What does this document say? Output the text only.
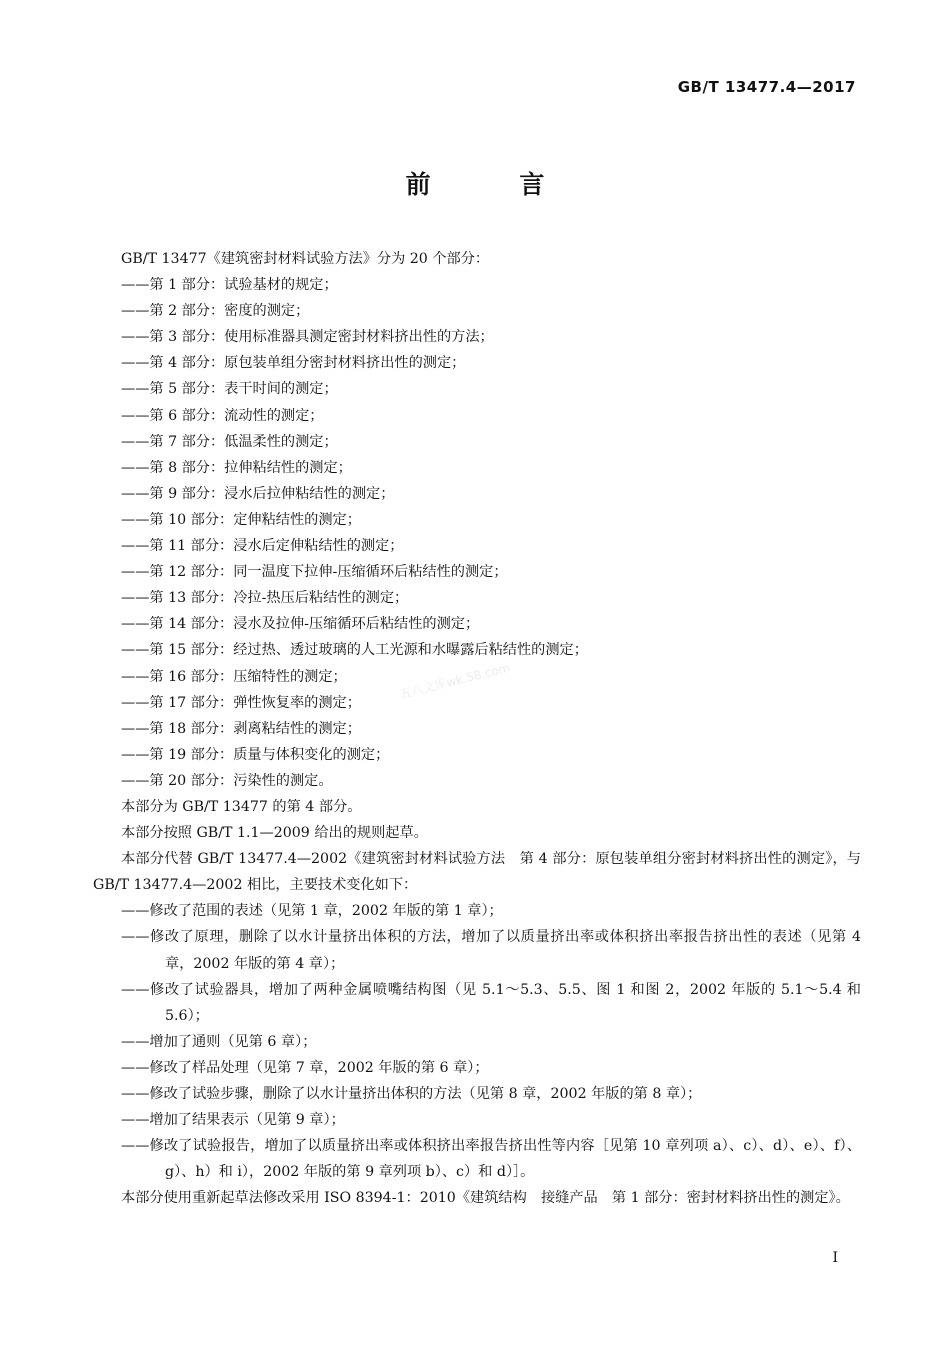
GB/T 13477.4—2017
前 言
五八文库wk.58.com

GB/T 13477《建筑密封材料试验方法》分为 20 个部分：

——第 1 部分：试验基材的规定；

——第 2 部分：密度的测定；

——第 3 部分：使用标准器具测定密封材料挤出性的方法；

——第 4 部分：原包装单组分密封材料挤出性的测定；

——第 5 部分：表干时间的测定；

——第 6 部分：流动性的测定；

——第 7 部分：低温柔性的测定；

——第 8 部分：拉伸粘结性的测定；

——第 9 部分：浸水后拉伸粘结性的测定；

——第 10 部分：定伸粘结性的测定；

——第 11 部分：浸水后定伸粘结性的测定；

——第 12 部分：同一温度下拉伸-压缩循环后粘结性的测定；

——第 13 部分：冷拉-热压后粘结性的测定；

——第 14 部分：浸水及拉伸-压缩循环后粘结性的测定；

——第 15 部分：经过热、透过玻璃的人工光源和水曝露后粘结性的测定；

——第 16 部分：压缩特性的测定；

——第 17 部分：弹性恢复率的测定；

——第 18 部分：剥离粘结性的测定；

——第 19 部分：质量与体积变化的测定；

——第 20 部分：污染性的测定。

本部分为 GB/T 13477 的第 4 部分。

本部分按照 GB/T 1.1—2009 给出的规则起草。

本部分代替 GB/T 13477.4—2002《建筑密封材料试验方法　第 4 部分：原包装单组分密封材料挤出性的测定》，与 GB/T 13477.4—2002 相比，主要技术变化如下：

——修改了范围的表述（见第 1 章，2002 年版的第 1 章）；

——修改了原理，删除了以水计量挤出体积的方法，增加了以质量挤出率或体积挤出率报告挤出性的表述（见第 4 章，2002 年版的第 4 章）；

——修改了试验器具，增加了两种金属喷嘴结构图（见 5.1～5.3、5.5、图 1 和图 2，2002 年版的 5.1～5.4 和 5.6）；

——增加了通则（见第 6 章）；

——修改了样品处理（见第 7 章，2002 年版的第 6 章）；

——修改了试验步骤，删除了以水计量挤出体积的方法（见第 8 章，2002 年版的第 8 章）；

——增加了结果表示（见第 9 章）；

——修改了试验报告，增加了以质量挤出率或体积挤出率报告挤出性等内容［见第 10 章列项 a）、c）、d）、e）、f）、g）、h）和 i），2002 年版的第 9 章列项 b）、c）和 d）］。

本部分使用重新起草法修改采用 ISO 8394-1：2010《建筑结构　接缝产品　第 1 部分：密封材料挤出性的测定》。

I
